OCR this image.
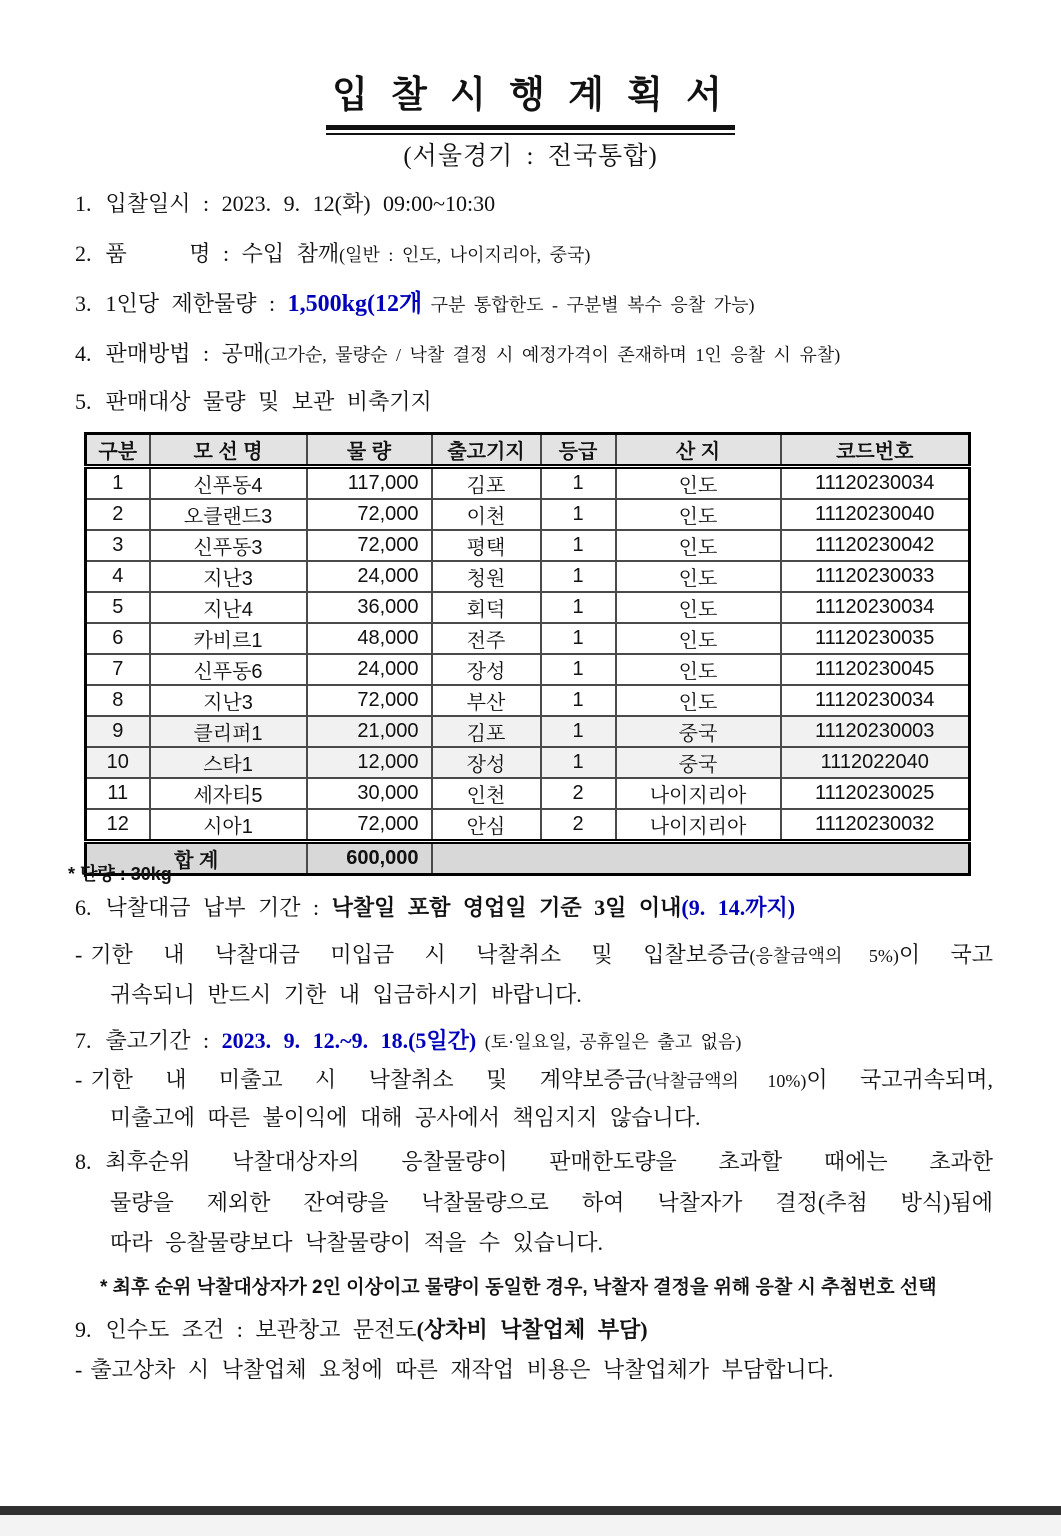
입 찰 시 행 계 획 서
(서울경기 : 전국통합)
1. 입찰일시 : 2023. 9. 12(화) 09:00~10:30
2. 품     명 : 수입 참깨(일반 : 인도, 나이지리아, 중국)
3. 1인당 제한물량 : 1,500kg(12개 구분 통합한도 - 구분별 복수 응찰 가능)
4. 판매방법 : 공매(고가순, 물량순 / 낙찰 결정 시 예정가격이 존재하며 1인 응찰 시 유찰)
5. 판매대상 물량 및 보관 비축기지
구분	모 선 명	물 량	출고기지	등급	산 지	코드번호
1	신푸동4	117,000	김포	1	인도	11120230034
2	오클랜드3	72,000	이천	1	인도	11120230040
3	신푸동3	72,000	평택	1	인도	11120230042
4	지난3	24,000	청원	1	인도	11120230033
5	지난4	36,000	회덕	1	인도	11120230034
6	카비르1	48,000	전주	1	인도	11120230035
7	신푸동6	24,000	장성	1	인도	11120230045
8	지난3	72,000	부산	1	인도	11120230034
9	클리퍼1	21,000	김포	1	중국	11120230003
10	스타1	12,000	장성	1	중국	1112022040
11	세자티5	30,000	인천	2	나이지리아	11120230025
12	시아1	72,000	안심	2	나이지리아	11120230032
합 계		600,000				
* 단량 : 30kg
6. 낙찰대금 납부 기간 : 낙찰일 포함 영업일 기준 3일 이내(9. 14.까지)
- 기한 내 낙찰대금 미입금 시 낙찰취소 및 입찰보증금(응찰금액의 5%)이 국고
귀속되니 반드시 기한 내 입금하시기 바랍니다.
7. 출고기간 : 2023. 9. 12.~9. 18.(5일간) (토·일요일, 공휴일은 출고 없음)
- 기한 내 미출고 시 낙찰취소 및 계약보증금(낙찰금액의 10%)이 국고귀속되며,
미출고에 따른 불이익에 대해 공사에서 책임지지 않습니다.
8. 최후순위 낙찰대상자의 응찰물량이 판매한도량을 초과할 때에는 초과한
물량을 제외한 잔여량을 낙찰물량으로 하여 낙찰자가 결정(추첨 방식)됨에
따라 응찰물량보다 낙찰물량이 적을 수 있습니다.
* 최후 순위 낙찰대상자가 2인 이상이고 물량이 동일한 경우, 낙찰자 결정을 위해 응찰 시 추첨번호 선택
9. 인수도 조건 : 보관창고 문전도(상차비 낙찰업체 부담)
- 출고상차 시 낙찰업체 요청에 따른 재작업 비용은 낙찰업체가 부담합니다.
